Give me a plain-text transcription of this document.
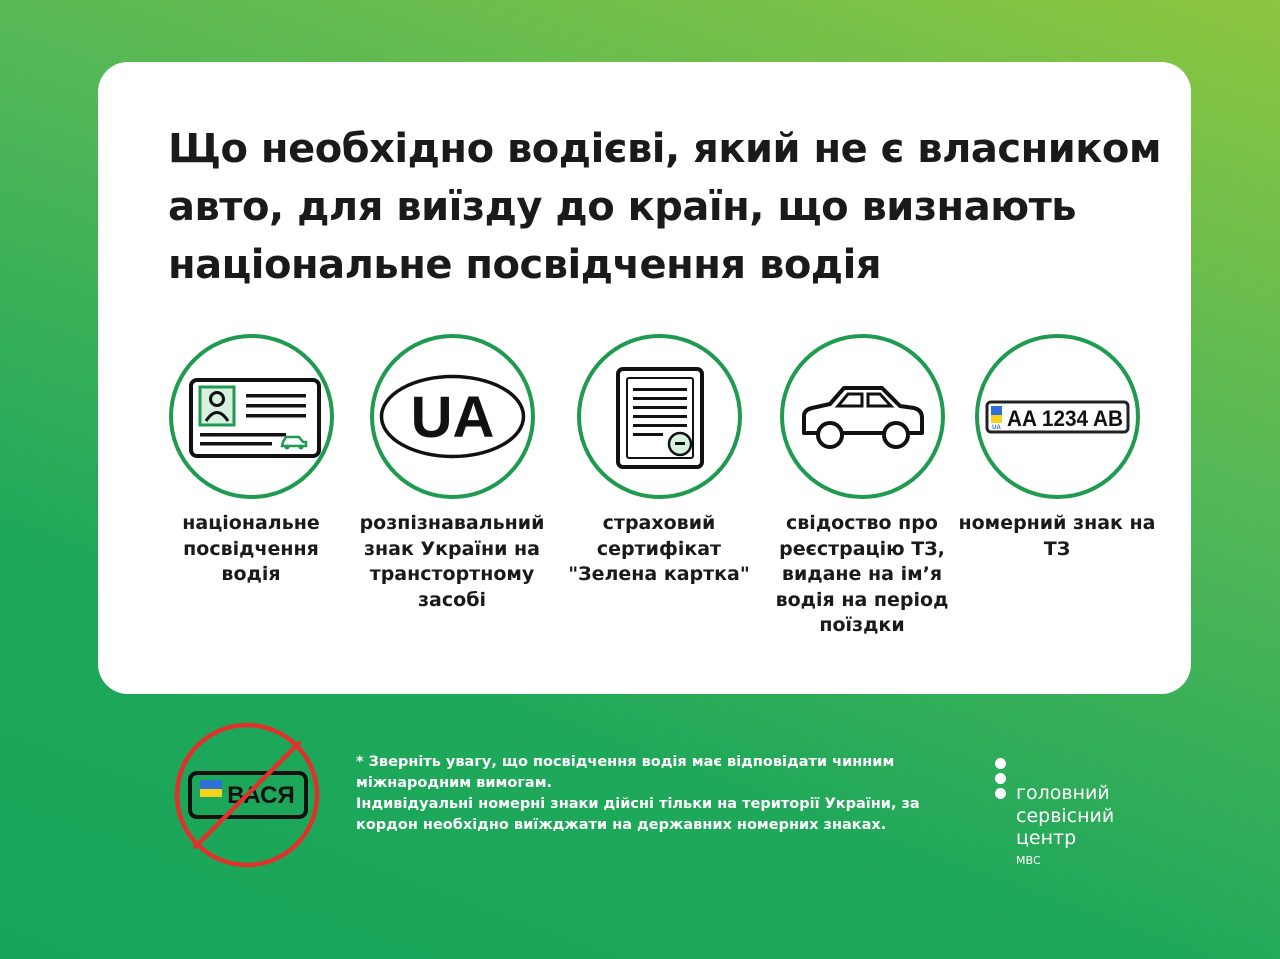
Що необхідно водієві, який не є власником авто, для виїзду до країн, що визнають національне посвідчення водія
національне посвідчення водія
UA
розпізнавальний знак України на транстортному засобі
страховий сертифікат "Зелена картка"
свідоство про реєстрацію ТЗ, видане на ім’я водія на період поїздки
UA AA 1234 AB
номерний знак на ТЗ
ВАСЯ

* Зверніть увагу, що посвідчення водія має відповідати чинним міжнародним вимогам.

Індивідуальні номерні знаки дійсні тільки на території України, за кордон необхідно виїжджати на державних номерних знаках.

головний
сервісний
центр
МВС
